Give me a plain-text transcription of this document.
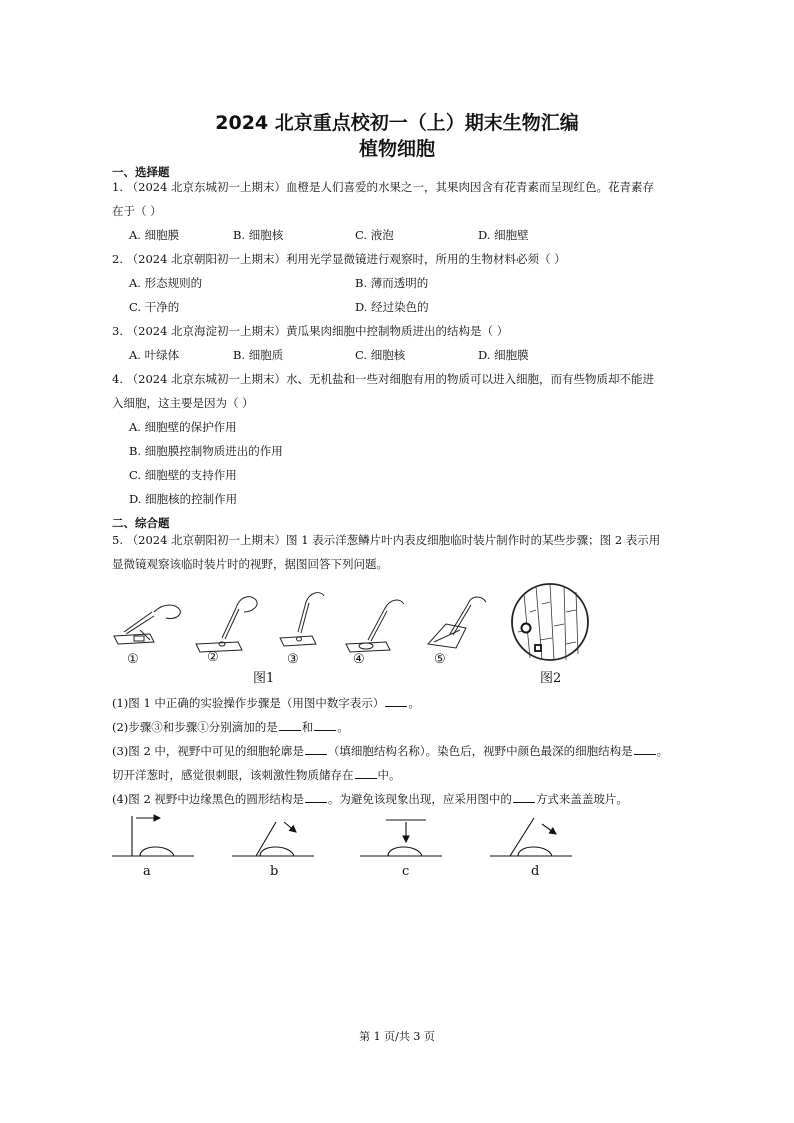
2024 北京重点校初一（上）期末生物汇编
植物细胞
一、选择题
1. （2024 北京东城初一上期末）血橙是人们喜爱的水果之一，其果肉因含有花青素而呈现红色。花青素存
在于（ ）
A. 细胞膜	B. 细胞核	C. 液泡	D. 细胞壁
2. （2024 北京朝阳初一上期末）利用光学显微镜进行观察时，所用的生物材料必须（ ）
A. 形态规则的	B. 薄而透明的
C. 干净的	D. 经过染色的
3. （2024 北京海淀初一上期末）黄瓜果肉细胞中控制物质进出的结构是（ ）
A. 叶绿体	B. 细胞质	C. 细胞核	D. 细胞膜
4. （2024 北京东城初一上期末）水、无机盐和一些对细胞有用的物质可以进入细胞，而有些物质却不能进
入细胞，这主要是因为（ ）
A. 细胞壁的保护作用
B. 细胞膜控制物质进出的作用
C. 细胞壁的支持作用
D. 细胞核的控制作用
二、综合题
5. （2024 北京朝阳初一上期末）图 1 表示洋葱鳞片叶内表皮细胞临时装片制作时的某些步骤；图 2 表示用
显微镜观察该临时装片时的视野，据图回答下列问题。
①	②	③	④	⑤
图1	图2
(1)图 1 中正确的实验操作步骤是（用图中数字表示） 。
(2)步骤③和步骤①分别滴加的是 和 。
(3)图 2 中，视野中可见的细胞轮廓是 （填细胞结构名称）。染色后，视野中颜色最深的细胞结构是 。
切开洋葱时，感觉很刺眼，该刺激性物质储存在 中。
(4)图 2 视野中边缘黑色的圆形结构是 。为避免该现象出现，应采用图中的 方式来盖盖玻片。
a	b	c	d
第 1 页/共 3 页
